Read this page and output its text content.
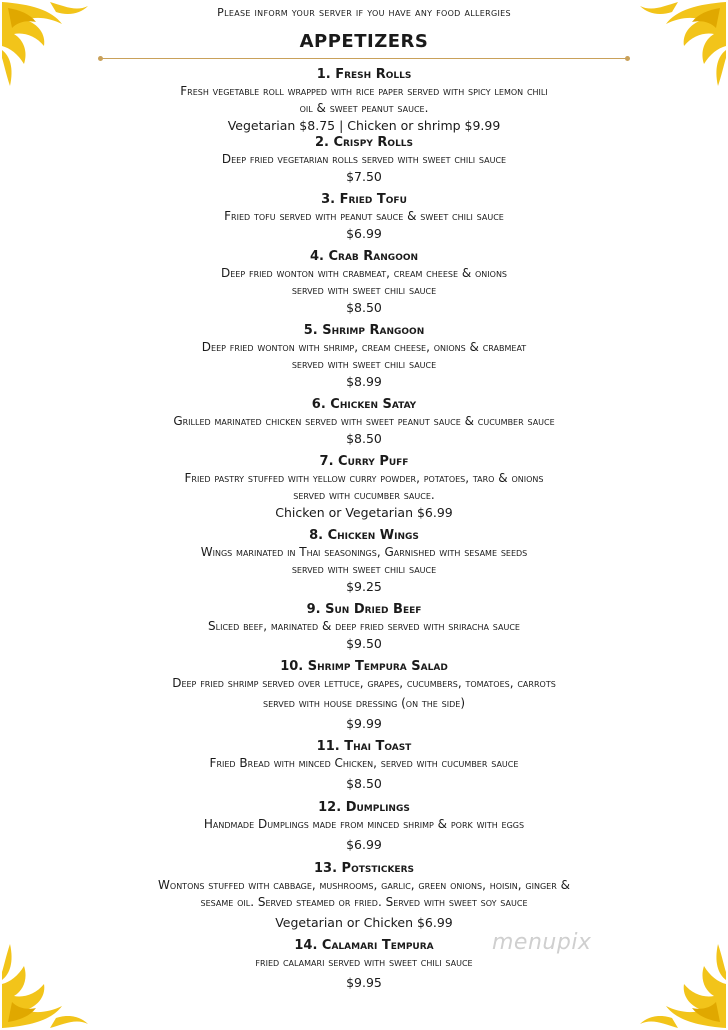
Please inform your server if you have any food allergies
APPETIZERS
1. Fresh Rolls
Fresh vegetable roll wrapped with rice paper served with spicy lemon chili
oil & sweet peanut sauce.
Vegetarian $8.75 | Chicken or shrimp $9.99
2. Crispy Rolls
Deep fried vegetarian rolls served with sweet chili sauce
$7.50
3. Fried Tofu
Fried tofu served with peanut sauce & sweet chili sauce
$6.99
4. Crab Rangoon
Deep fried wonton with crabmeat, cream cheese & onions
served with sweet chili sauce
$8.50
5. Shrimp Rangoon
Deep fried wonton with shrimp, cream cheese, onions & crabmeat
served with sweet chili sauce
$8.99
6. Chicken Satay
Grilled marinated chicken served with sweet peanut sauce & cucumber sauce
$8.50
7. Curry Puff
Fried pastry stuffed with yellow curry powder, potatoes, taro & onions
served with cucumber sauce.
Chicken or Vegetarian $6.99
8. Chicken Wings
Wings marinated in Thai seasonings, Garnished with sesame seeds
served with sweet chili sauce
$9.25
9. Sun Dried Beef
Sliced beef, marinated & deep fried served with sriracha sauce
$9.50
10. Shrimp Tempura Salad
Deep fried shrimp served over lettuce, grapes, cucumbers, tomatoes, carrots
served with house dressing (on the side)
$9.99
11. Thai Toast
Fried Bread with minced Chicken, served with cucumber sauce
$8.50
12. Dumplings
Handmade Dumplings made from minced shrimp & pork with eggs
$6.99
13. Potstickers
Wontons stuffed with cabbage, mushrooms, garlic, green onions, hoisin, ginger &
sesame oil. Served steamed or fried. Served with sweet soy sauce
Vegetarian or Chicken $6.99
14. Calamari Tempura
fried calamari served with sweet chili sauce
$9.95
menupix
